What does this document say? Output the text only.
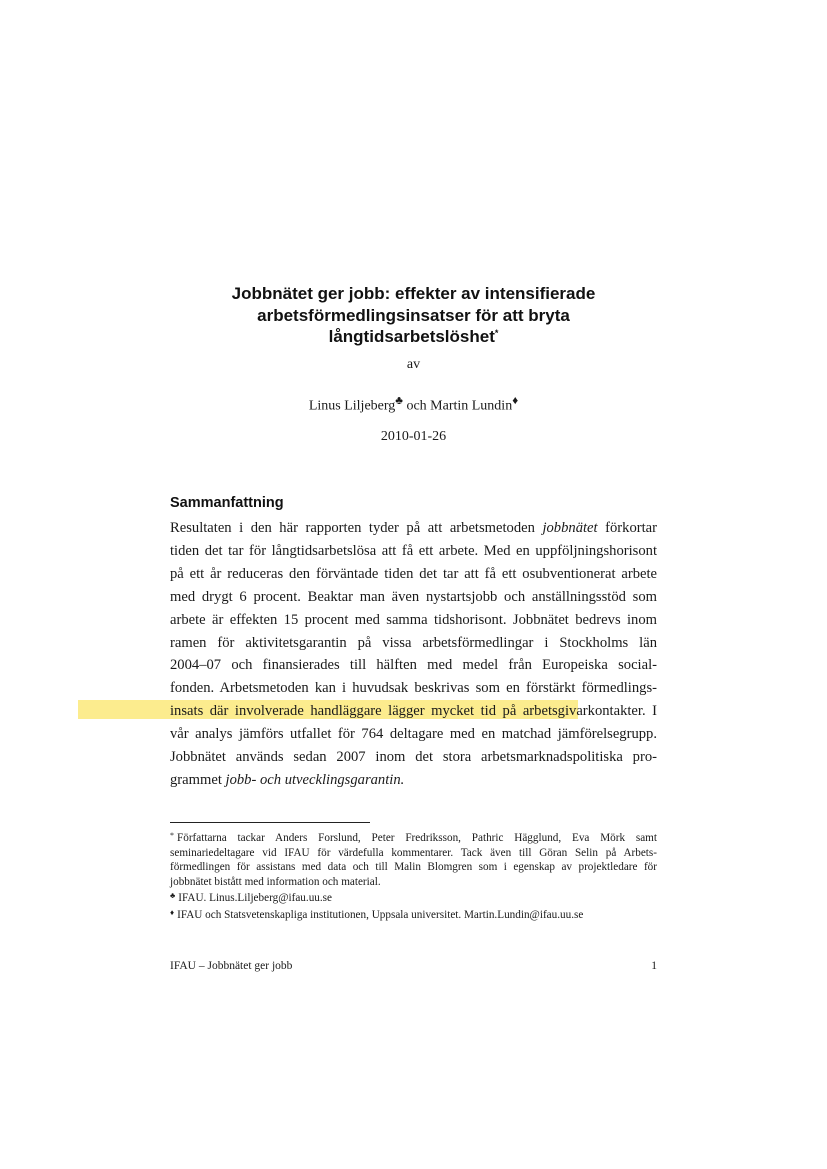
Jobbnätet ger jobb: effekter av intensifierade
arbetsförmedlingsinsatser för att bryta
långtidsarbetslöshet*
av
Linus Liljeberg♣ och Martin Lundin♦
2010-01-26
Sammanfattning
Resultaten i den här rapporten tyder på att arbetsmetoden jobbnätet förkortar
tiden det tar för långtidsarbetslösa att få ett arbete. Med en uppföljningshorisont
på ett år reduceras den förväntade tiden det tar att få ett osubventionerat arbete
med drygt 6 procent. Beaktar man även nystartsjobb och anställningsstöd som
arbete är effekten 15 procent med samma tidshorisont. Jobbnätet bedrevs inom
ramen för aktivitetsgarantin på vissa arbetsförmedlingar i Stockholms län
2004–07 och finansierades till hälften med medel från Europeiska social-
fonden. Arbetsmetoden kan i huvudsak beskrivas som en förstärkt förmedlings-
insats där involverade handläggare lägger mycket tid på arbetsgivarkontakter. I
vår analys jämförs utfallet för 764 deltagare med en matchad jämförelsegrupp.
Jobbnätet används sedan 2007 inom det stora arbetsmarknadspolitiska pro-
grammet jobb- och utvecklingsgarantin.
* Författarna tackar Anders Forslund, Peter Fredriksson, Pathric Hägglund, Eva Mörk samt
seminariedeltagare vid IFAU för värdefulla kommentarer. Tack även till Göran Selin på Arbets-
förmedlingen för assistans med data och till Malin Blomgren som i egenskap av projektledare för
jobbnätet bistått med information och material.
♣ IFAU. Linus.Liljeberg@ifau.uu.se
♦ IFAU och Statsvetenskapliga institutionen, Uppsala universitet. Martin.Lundin@ifau.uu.se
IFAU – Jobbnätet ger jobb	1
